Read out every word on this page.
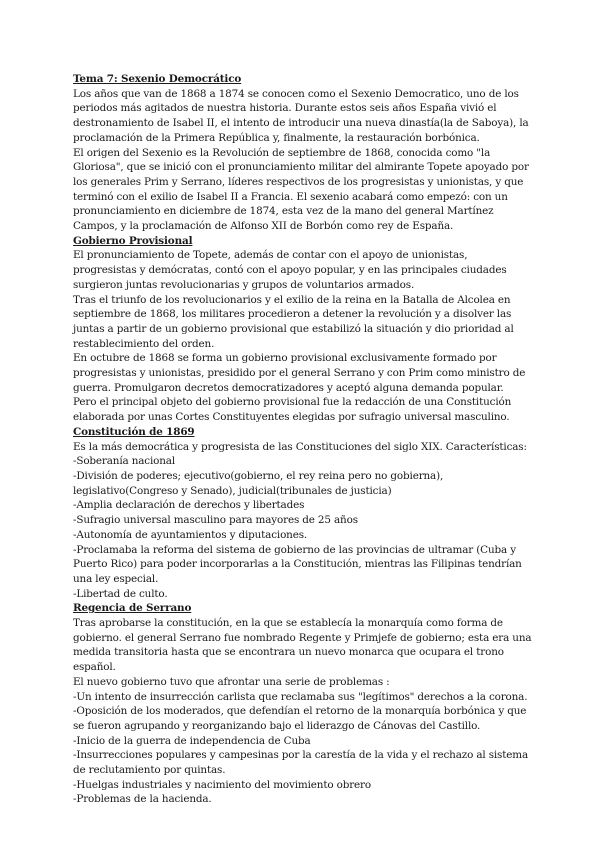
Tema 7: Sexenio Democrático

Los años que van de 1868 a 1874 se conocen como el Sexenio Democratico, uno de los periodos más agitados de nuestra historia. Durante estos seis años España vivió el destronamiento de Isabel II, el intento de introducir una nueva dinastía(la de Saboya), la proclamación de la Primera República y, finalmente, la restauración borbónica.

El origen del Sexenio es la Revolución de septiembre de 1868, conocida como "la Gloriosa", que se inició con el pronunciamiento militar del almirante Topete apoyado por los generales Prim y Serrano, líderes respectivos de los progresistas y unionistas, y que terminó con el exilio de Isabel II a Francia. El sexenio acabará como empezó: con un pronunciamiento en diciembre de 1874, esta vez de la mano del general Martínez Campos, y la proclamación de Alfonso XII de Borbón como rey de España.

Gobierno Provisional

El pronunciamiento de Topete, además de contar con el apoyo de unionistas, progresistas y demócratas, contó con el apoyo popular, y en las principales ciudades surgieron juntas revolucionarias y grupos de voluntarios armados.

Tras el triunfo de los revolucionarios y el exilio de la reina en la Batalla de Alcolea en septiembre de 1868, los militares procedieron a detener la revolución y a disolver las juntas a partir de un gobierno provisional que estabilizó la situación y dio prioridad al restablecimiento del orden.

En octubre de 1868 se forma un gobierno provisional exclusivamente formado por progresistas y unionistas, presidido por el general Serrano y con Prim como ministro de guerra. Promulgaron decretos democratizadores y aceptó alguna demanda popular.

Pero el principal objeto del gobierno provisional fue la redacción de una Constitución elaborada por unas Cortes Constituyentes elegidas por sufragio universal masculino.

Constitución de 1869

Es la más democrática y progresista de las Constituciones del siglo XIX. Características:

-Soberanía nacional

-División de poderes; ejecutivo(gobierno, el rey reina pero no gobierna), legislativo(Congreso y Senado), judicial(tribunales de justicia)

-Amplia declaración de derechos y libertades

-Sufragio universal masculino para mayores de 25 años

-Autonomía de ayuntamientos y diputaciones.

-Proclamaba la reforma del sistema de gobierno de las provincias de ultramar (Cuba y Puerto Rico) para poder incorporarlas a la Constitución, mientras las Filipinas tendrían una ley especial.

-Libertad de culto.

Regencia de Serrano

Tras aprobarse la constitución, en la que se establecía la monarquía como forma de gobierno. el general Serrano fue nombrado Regente y Primjefe de gobierno; esta era una medida transitoria hasta que se encontrara un nuevo monarca que ocupara el trono español.

El nuevo gobierno tuvo que afrontar una serie de problemas :

-Un intento de insurrección carlista que reclamaba sus "legítimos" derechos a la corona.

-Oposición de los moderados, que defendían el retorno de la monarquía borbónica y que se fueron agrupando y reorganizando bajo el liderazgo de Cánovas del Castillo.

-Inicio de la guerra de independencia de Cuba

-Insurrecciones populares y campesinas por la carestía de la vida y el rechazo al sistema de reclutamiento por quintas.

-Huelgas industriales y nacimiento del movimiento obrero

-Problemas de la hacienda.
